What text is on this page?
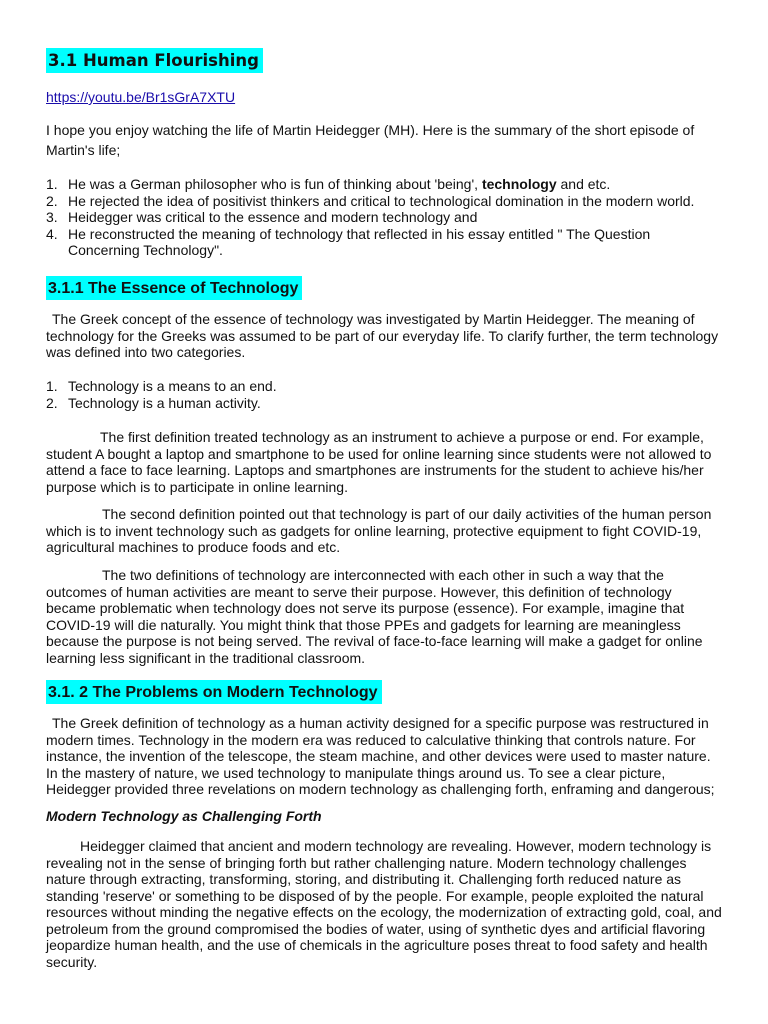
3.1 Human Flourishing
https://youtu.be/Br1sGrA7XTU
I hope you enjoy watching the life of Martin Heidegger (MH). Here is the summary of the short episode of
Martin's life;
1. He was a German philosopher who is fun of thinking about 'being', technology and etc.
2. He rejected the idea of positivist thinkers and critical to technological domination in the modern world.
3. Heidegger was critical to the essence and modern technology and
4. He reconstructed the meaning of technology that reflected in his essay entitled " The Question Concerning Technology".
3.1.1 The Essence of Technology

The Greek concept of the essence of technology was investigated by Martin Heidegger. The meaning of technology for the Greeks was assumed to be part of our everyday life. To clarify further, the term technology was defined into two categories.

1. Technology is a means to an end.
2. Technology is a human activity.

The first definition treated technology as an instrument to achieve a purpose or end. For example, student A bought a laptop and smartphone to be used for online learning since students were not allowed to attend a face to face learning. Laptops and smartphones are instruments for the student to achieve his/her purpose which is to participate in online learning.

The second definition pointed out that technology is part of our daily activities of the human person which is to invent technology such as gadgets for online learning, protective equipment to fight COVID-19, agricultural machines to produce foods and etc.

The two definitions of technology are interconnected with each other in such a way that the outcomes of human activities are meant to serve their purpose. However, this definition of technology became problematic when technology does not serve its purpose (essence). For example, imagine that COVID-19 will die naturally. You might think that those PPEs and gadgets for learning are meaningless because the purpose is not being served. The revival of face-to-face learning will make a gadget for online learning less significant in the traditional classroom.

3.1. 2 The Problems on Modern Technology

The Greek definition of technology as a human activity designed for a specific purpose was restructured in modern times. Technology in the modern era was reduced to calculative thinking that controls nature. For instance, the invention of the telescope, the steam machine, and other devices were used to master nature. In the mastery of nature, we used technology to manipulate things around us. To see a clear picture, Heidegger provided three revelations on modern technology as challenging forth, enframing and dangerous;

Modern Technology as Challenging Forth

Heidegger claimed that ancient and modern technology are revealing. However, modern technology is revealing not in the sense of bringing forth but rather challenging nature. Modern technology challenges nature through extracting, transforming, storing, and distributing it. Challenging forth reduced nature as standing 'reserve' or something to be disposed of by the people. For example, people exploited the natural resources without minding the negative effects on the ecology, the modernization of extracting gold, coal, and petroleum from the ground compromised the bodies of water, using of synthetic dyes and artificial flavoring jeopardize human health, and the use of chemicals in the agriculture poses threat to food safety and health security.
